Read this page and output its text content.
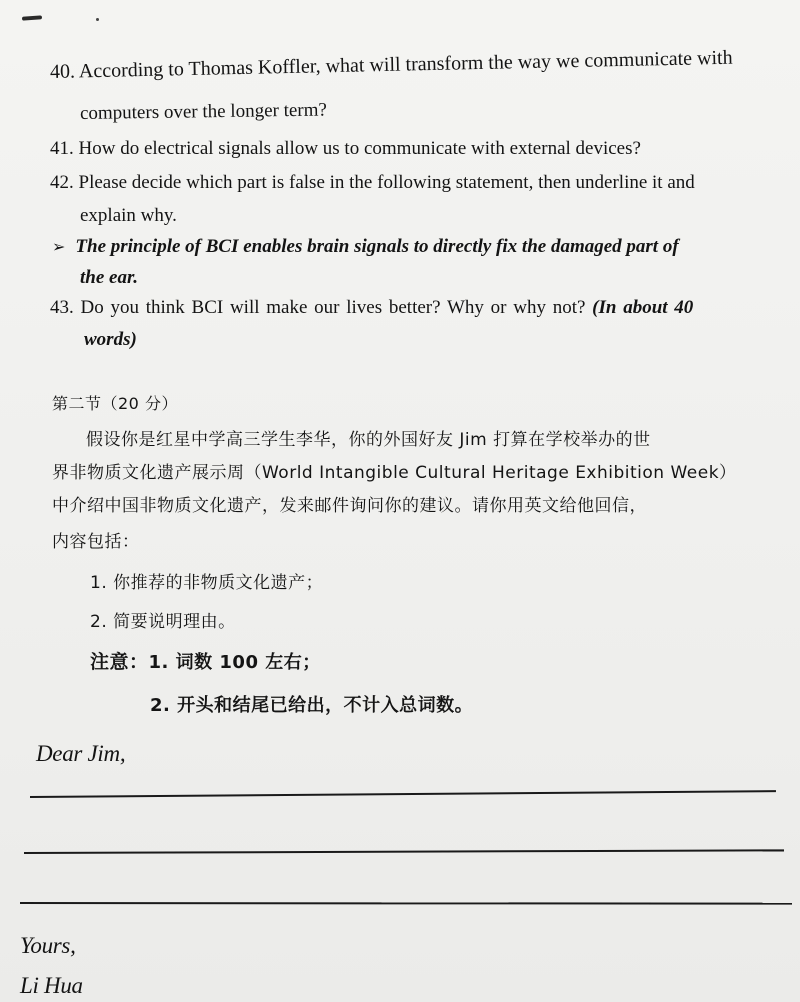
40. According to Thomas Koffler, what will transform the way we communicate with
computers over the longer term?
41. How do electrical signals allow us to communicate with external devices?
42. Please decide which part is false in the following statement, then underline it and
explain why.
➢ The principle of BCI enables brain signals to directly fix the damaged part of
the ear.
43. Do you think BCI will make our lives better? Why or why not? (In about 40
words)
第二节（20 分）
假设你是红星中学高三学生李华，你的外国好友 Jim 打算在学校举办的世
界非物质文化遗产展示周（World Intangible Cultural Heritage Exhibition Week）
中介绍中国非物质文化遗产，发来邮件询问你的建议。请你用英文给他回信，
内容包括：
1. 你推荐的非物质文化遗产；
2. 简要说明理由。
注意：1. 词数 100 左右；
2. 开头和结尾已给出，不计入总词数。
Dear Jim,
Yours,
Li Hua
